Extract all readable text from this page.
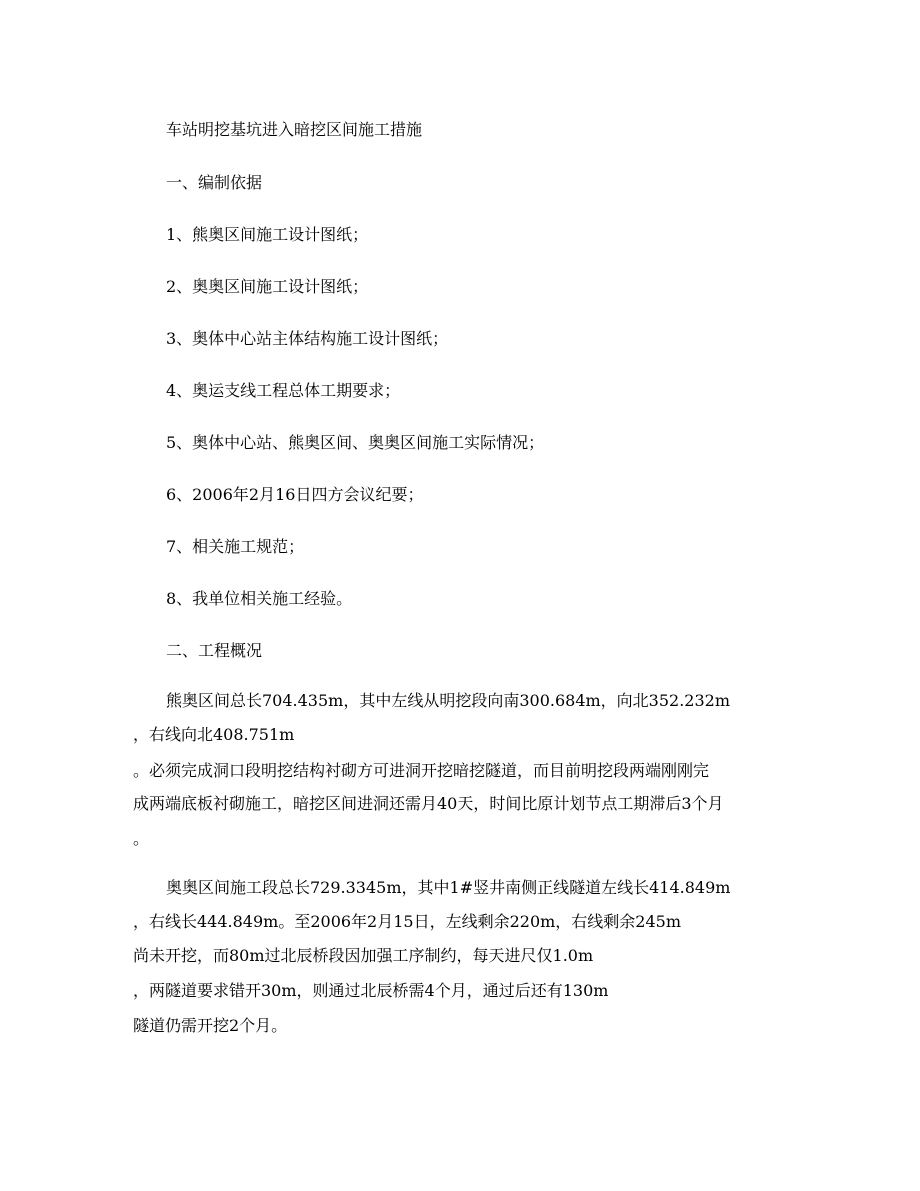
车站明挖基坑进入暗挖区间施工措施
一、编制依据
1、熊奥区间施工设计图纸；
2、奥奥区间施工设计图纸；
3、奥体中心站主体结构施工设计图纸；
4、奥运支线工程总体工期要求；
5、奥体中心站、熊奥区间、奥奥区间施工实际情况；
6、2006年2月16日四方会议纪要；
7、相关施工规范；
8、我单位相关施工经验。
二、工程概况
熊奥区间总长704.435m，其中左线从明挖段向南300.684m，向北352.232m
，右线向北408.751m
。必须完成洞口段明挖结构衬砌方可进洞开挖暗挖隧道，而目前明挖段两端刚刚完
成两端底板衬砌施工，暗挖区间进洞还需月40天，时间比原计划节点工期滞后3个月
。
奥奥区间施工段总长729.3345m，其中1#竖井南侧正线隧道左线长414.849m
，右线长444.849m。至2006年2月15日，左线剩余220m，右线剩余245m
尚未开挖，而80m过北辰桥段因加强工序制约，每天进尺仅1.0m
，两隧道要求错开30m，则通过北辰桥需4个月，通过后还有130m
隧道仍需开挖2个月。
